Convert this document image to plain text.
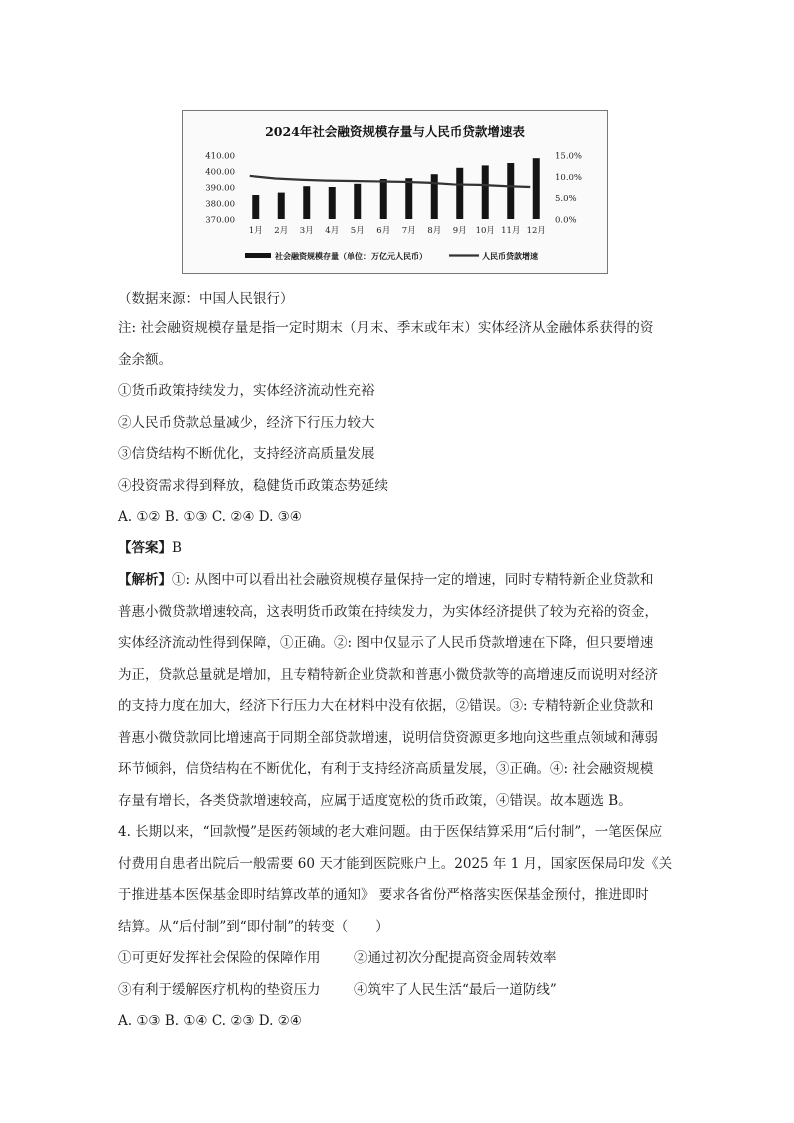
2024年社会融资规模存量与人民币贷款增速表
370.00
380.00
390.00
400.00
410.00
0.0%
5.0%
10.0%
15.0%
1月 2月 3月 4月 5月 6月 7月 8月 9月 10月 11月 12月
社会融资规模存量（单位：万亿元人民币）	人民币贷款增速
（数据来源：中国人民银行）

注: 社会融资规模存量是指一定时期末（月末、季末或年末）实体经济从金融体系获得的资

金余额。

①货币政策持续发力，实体经济流动性充裕

②人民币贷款总量减少，经济下行压力较大

③信贷结构不断优化，支持经济高质量发展

④投资需求得到释放，稳健货币政策态势延续

A. ①② B. ①③ C. ②④ D. ③④

【答案】B

【解析】①: 从图中可以看出社会融资规模存量保持一定的增速，同时专精特新企业贷款和

普惠小微贷款增速较高，这表明货币政策在持续发力，为实体经济提供了较为充裕的资金，

实体经济流动性得到保障，①正确。②: 图中仅显示了人民币贷款增速在下降，但只要增速

为正，贷款总量就是增加，且专精特新企业贷款和普惠小微贷款等的高增速反而说明对经济

的支持力度在加大，经济下行压力大在材料中没有依据，②错误。③: 专精特新企业贷款和

普惠小微贷款同比增速高于同期全部贷款增速，说明信贷资源更多地向这些重点领域和薄弱

环节倾斜，信贷结构在不断优化，有利于支持经济高质量发展，③正确。④: 社会融资规模

存量有增长，各类贷款增速较高，应属于适度宽松的货币政策，④错误。故本题选 B。

4. 长期以来，“回款慢”是医药领域的老大难问题。由于医保结算采用“后付制”，一笔医保应

付费用自患者出院后一般需要 60 天才能到医院账户上。2025 年 1 月，国家医保局印发《关

于推进基本医保基金即时结算改革的通知》 要求各省份严格落实医保基金预付，推进即时

结算。从“后付制”到“即付制”的转变（　　）

①可更好发挥社会保险的保障作用 ②通过初次分配提高资金周转效率

③有利于缓解医疗机构的垫资压力 ④筑牢了人民生活“最后一道防线”

A. ①③ B. ①④ C. ②③ D. ②④
